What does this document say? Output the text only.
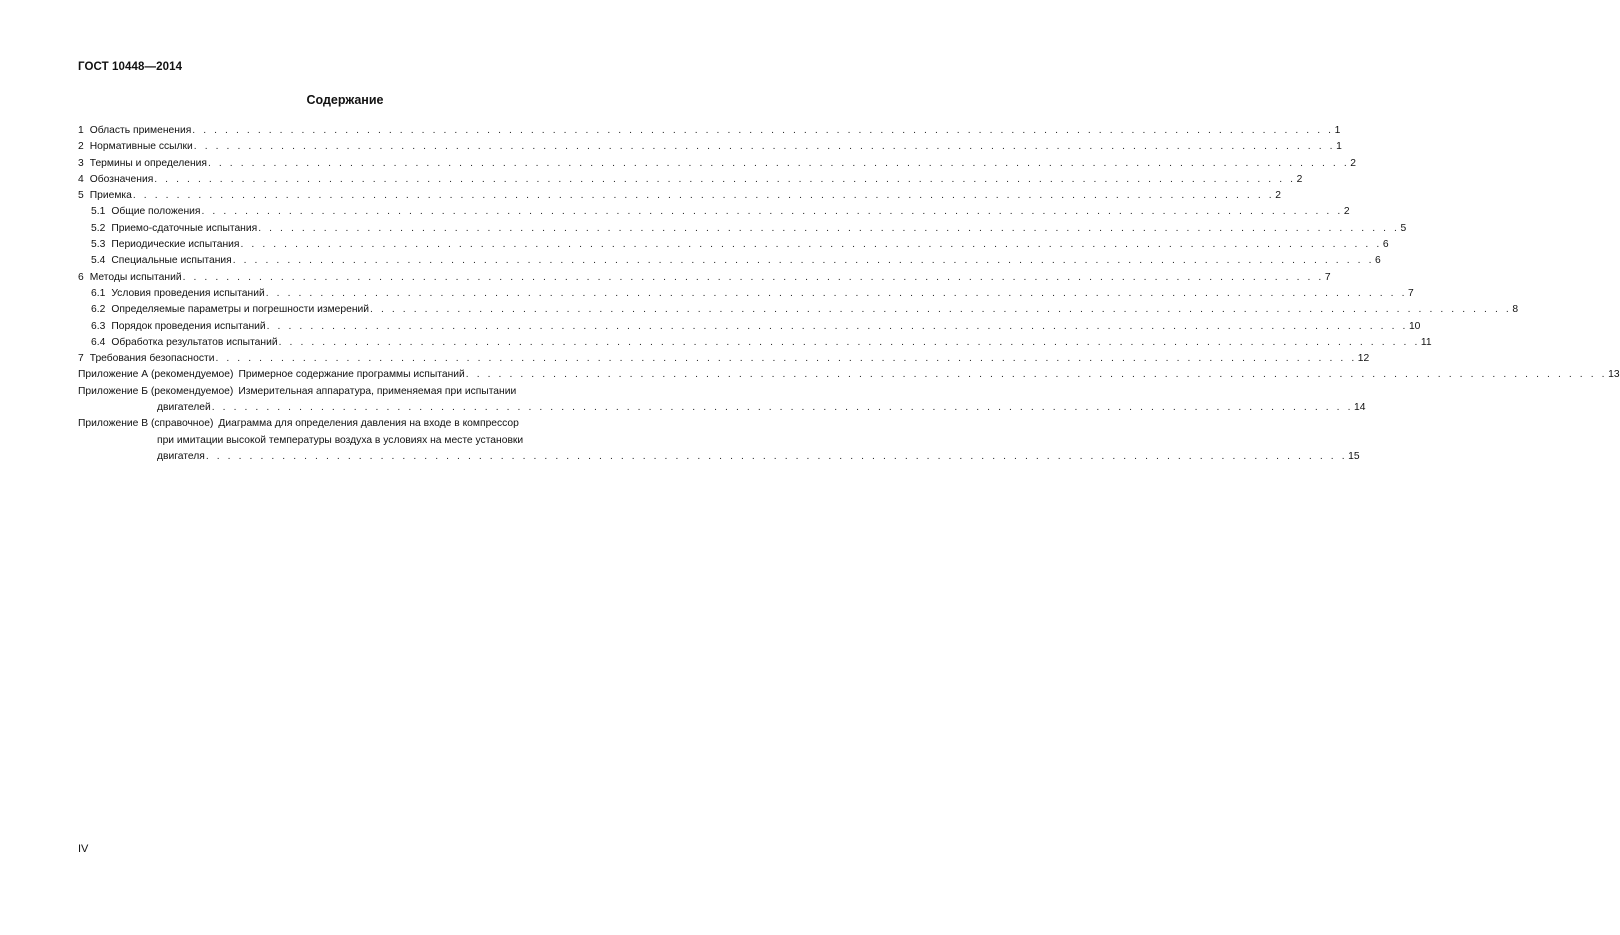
ГОСТ 10448—2014
Содержание
1 Область применения . . .	1
2 Нормативные ссылки . . .	1
3 Термины и определения . . .	2
4 Обозначения . . .	2
5 Приемка . . .	2
5.1 Общие положения . . .	2
5.2 Приемо-сдаточные испытания . . .	5
5.3 Периодические испытания . . .	6
5.4 Специальные испытания . . .	6
6 Методы испытаний . . .	7
6.1 Условия проведения испытаний . . .	7
6.2 Определяемые параметры и погрешности измерений . . .	8
6.3 Порядок проведения испытаний . . .	10
6.4 Обработка результатов испытаний . . .	11
7 Требования безопасности . . .	12
Приложение А (рекомендуемое) Примерное содержание программы испытаний . . .	13
Приложение Б (рекомендуемое) Измерительная аппаратура, применяемая при испытании
двигателей . . .	14
Приложение В (справочное) Диаграмма для определения давления на входе в компрессор
при имитации высокой температуры воздуха в условиях на месте установки
двигателя . . .	15
IV
